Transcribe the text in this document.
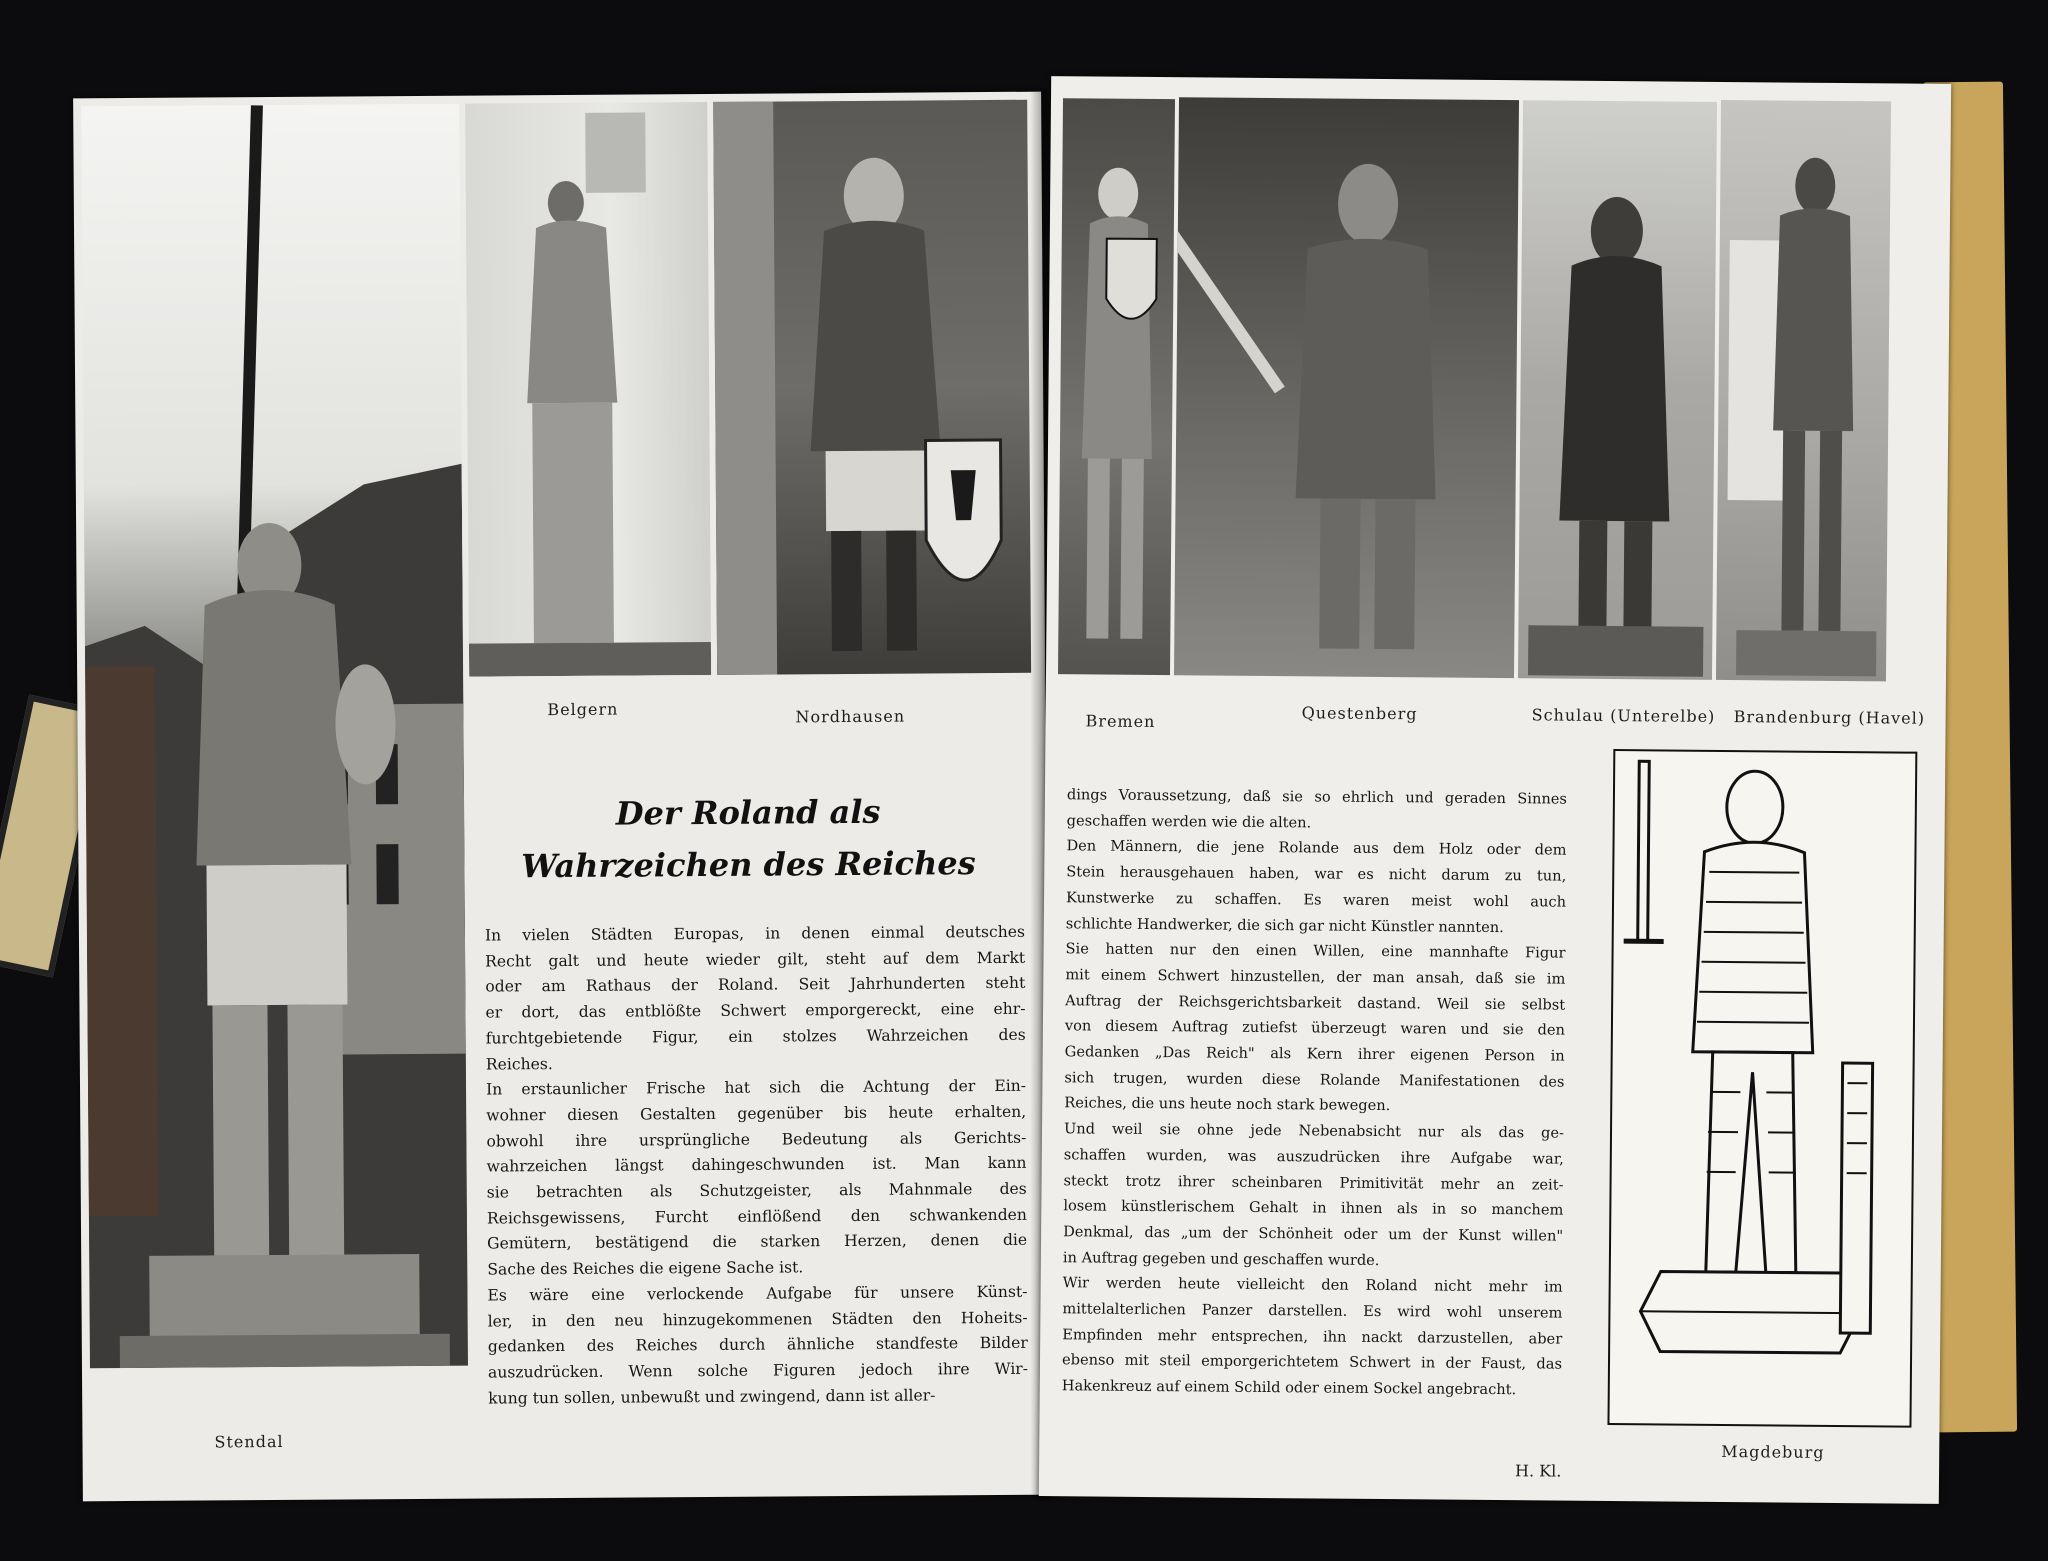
Stendal
Belgern	Nordhausen
Der Roland als
Wahrzeichen des Reiches
In vielen Städten Europas, in denen einmal deutsches
Recht galt und heute wieder gilt, steht auf dem Markt
oder am Rathaus der Roland. Seit Jahrhunderten steht
er dort, das entblößte Schwert emporgereckt, eine ehr-
furchtgebietende Figur, ein stolzes Wahrzeichen des
Reiches.
In erstaunlicher Frische hat sich die Achtung der Ein-
wohner diesen Gestalten gegenüber bis heute erhalten,
obwohl ihre ursprüngliche Bedeutung als Gerichts-
wahrzeichen längst dahingeschwunden ist. Man kann
sie betrachten als Schutzgeister, als Mahnmale des
Reichsgewissens, Furcht einflößend den schwankenden
Gemütern, bestätigend die starken Herzen, denen die
Sache des Reiches die eigene Sache ist.
Es wäre eine verlockende Aufgabe für unsere Künst-
ler, in den neu hinzugekommenen Städten den Hoheits-
gedanken des Reiches durch ähnliche standfeste Bilder
auszudrücken. Wenn solche Figuren jedoch ihre Wir-
kung tun sollen, unbewußt und zwingend, dann ist aller-
Bremen	Questenberg	Schulau (Unterelbe) Brandenburg (Havel)
dings Voraussetzung, daß sie so ehrlich und geraden Sinnes
geschaffen werden wie die alten.
Den Männern, die jene Rolande aus dem Holz oder dem
Stein herausgehauen haben, war es nicht darum zu tun,
Kunstwerke zu schaffen. Es waren meist wohl auch
schlichte Handwerker, die sich gar nicht Künstler nannten.
Sie hatten nur den einen Willen, eine mannhafte Figur
mit einem Schwert hinzustellen, der man ansah, daß sie im
Auftrag der Reichsgerichtsbarkeit dastand. Weil sie selbst
von diesem Auftrag zutiefst überzeugt waren und sie den
Gedanken „Das Reich" als Kern ihrer eigenen Person in
sich trugen, wurden diese Rolande Manifestationen des
Reiches, die uns heute noch stark bewegen.
Und weil sie ohne jede Nebenabsicht nur als das ge-
schaffen wurden, was auszudrücken ihre Aufgabe war,
steckt trotz ihrer scheinbaren Primitivität mehr an zeit-
losem künstlerischem Gehalt in ihnen als in so manchem
Denkmal, das „um der Schönheit oder um der Kunst willen"
in Auftrag gegeben und geschaffen wurde.
Wir werden heute vielleicht den Roland nicht mehr im
mittelalterlichen Panzer darstellen. Es wird wohl unserem
Empfinden mehr entsprechen, ihn nackt darzustellen, aber
ebenso mit steil emporgerichtetem Schwert in der Faust, das
Hakenkreuz auf einem Schild oder einem Sockel angebracht.
H. Kl.
Magdeburg
